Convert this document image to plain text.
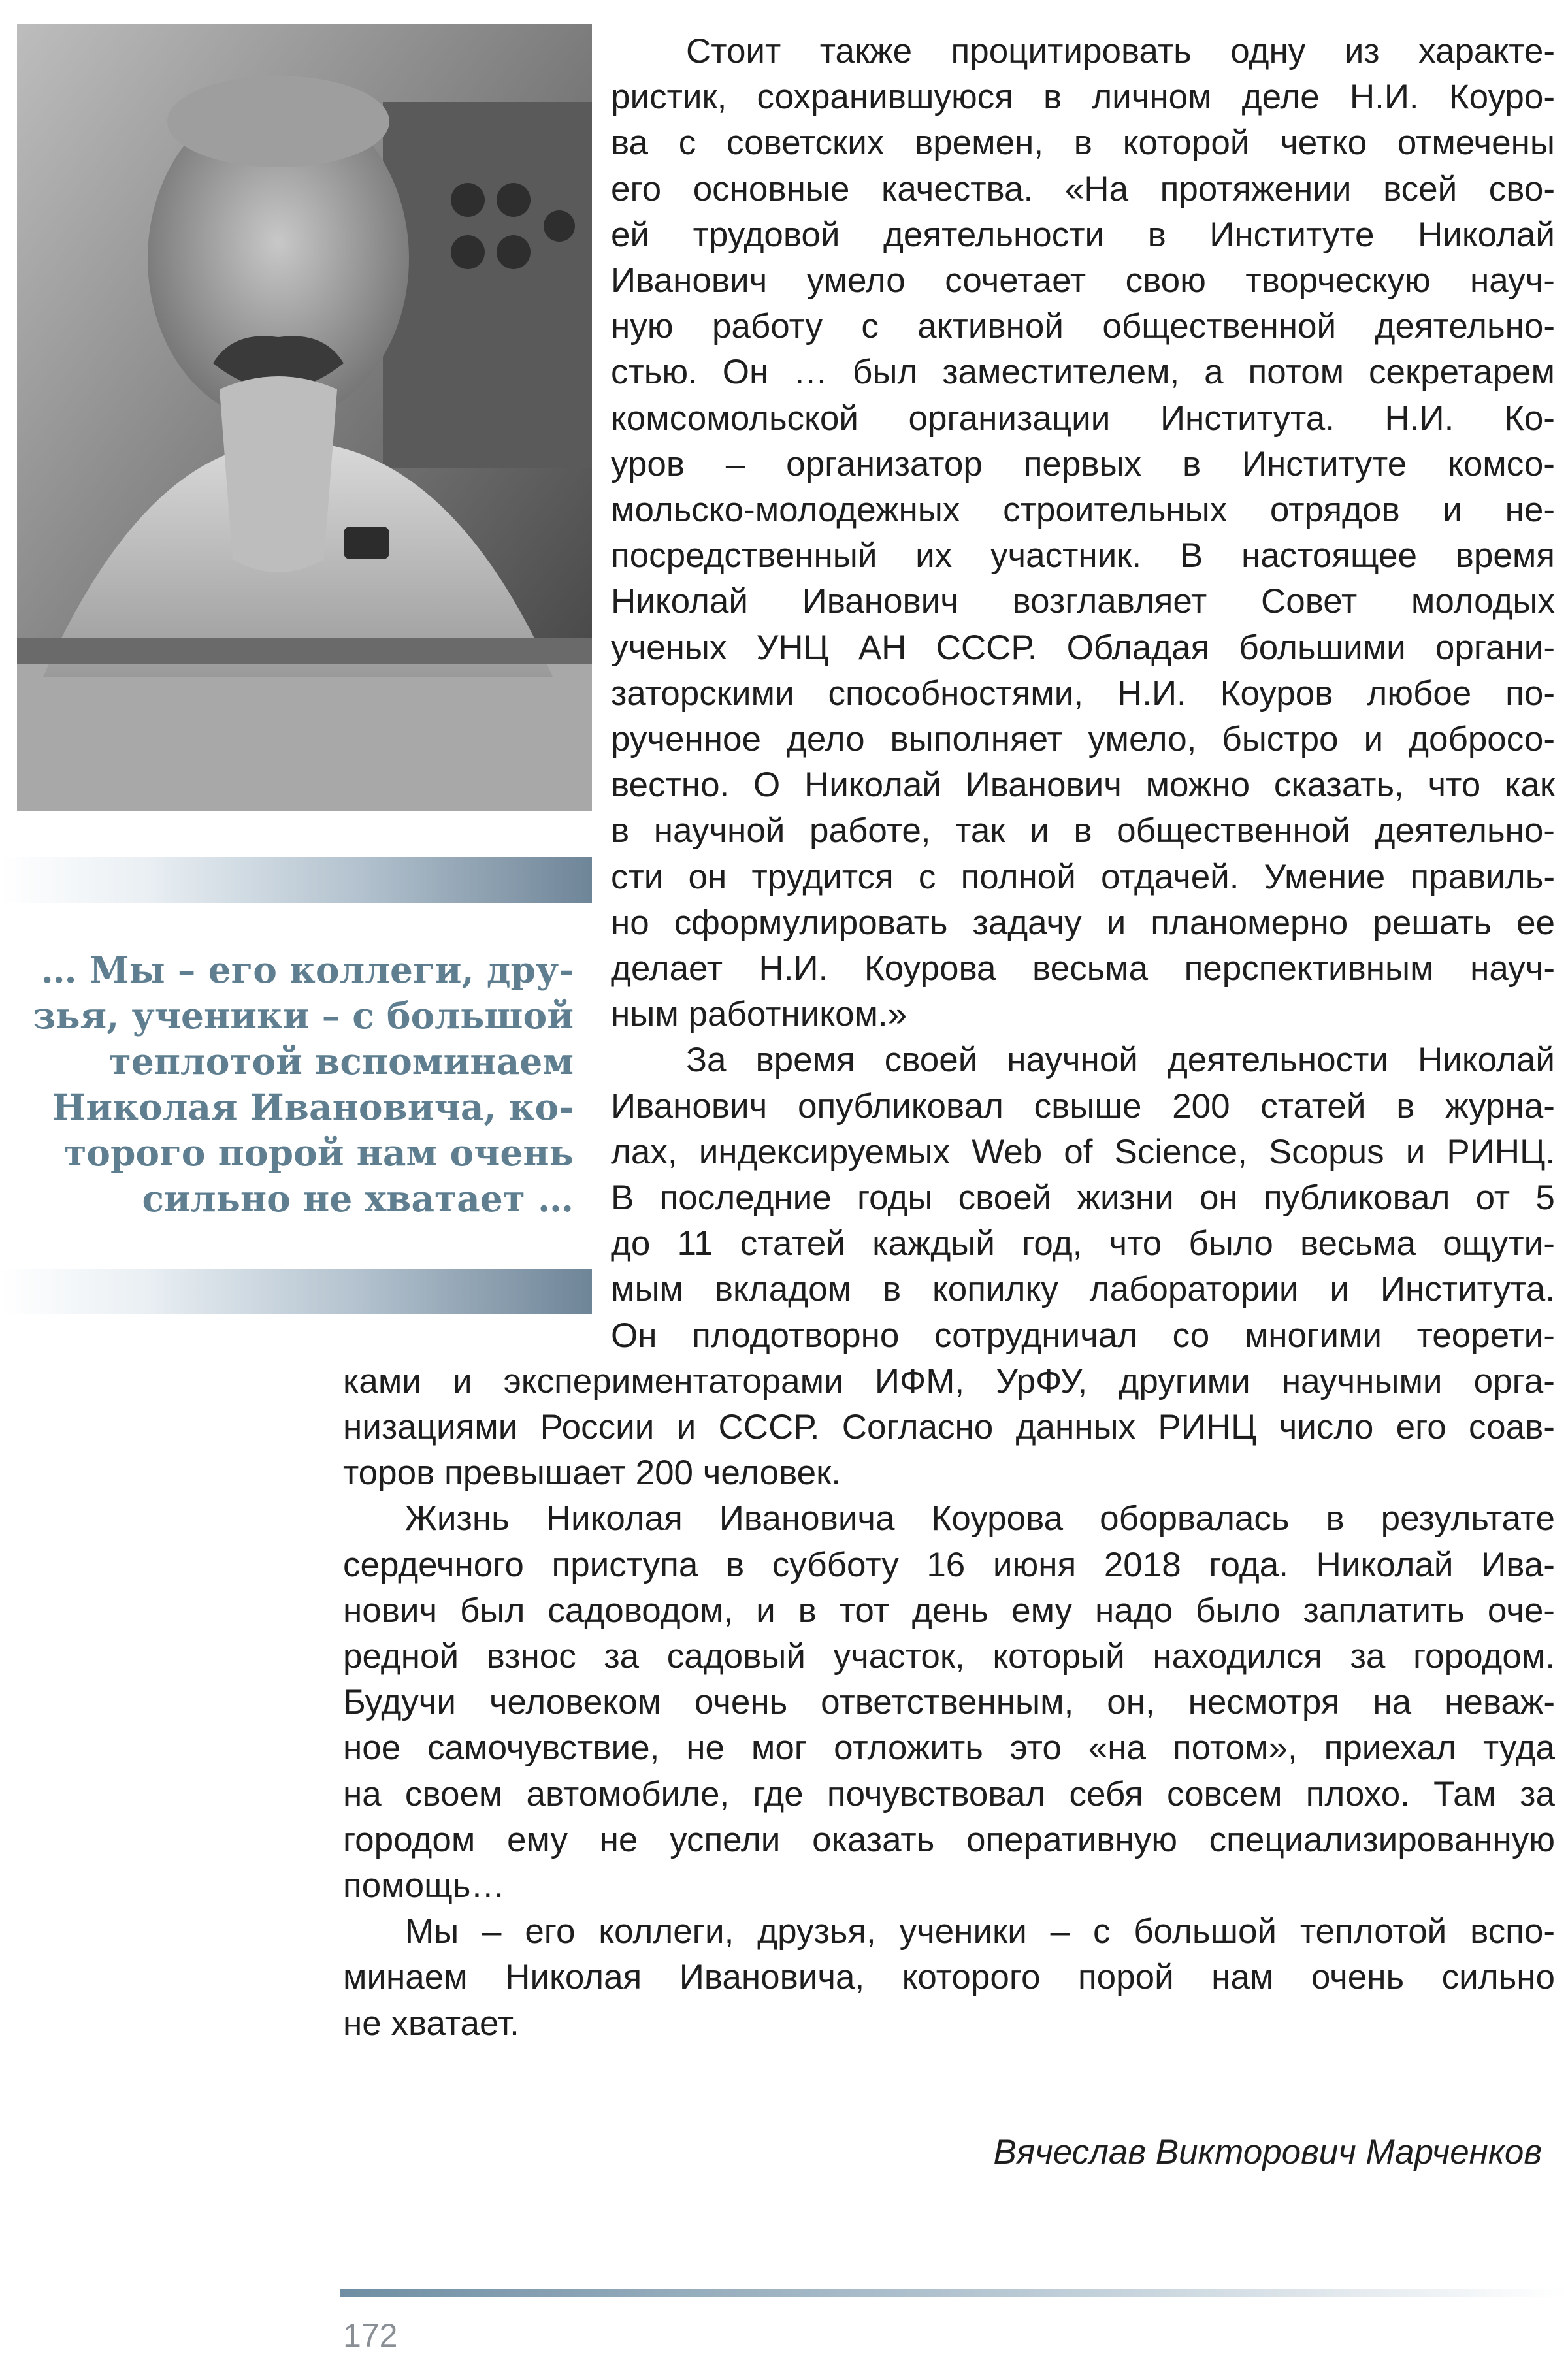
… Мы – его коллеги, дру-
зья, ученики – с большой
теплотой вспоминаем
Николая Ивановича, ко-
торого порой нам очень
сильно не хватает …
Стоит также процитировать одну из характе-
ристик, сохранившуюся в личном деле Н.И. Коуро-
ва с советских времен, в которой четко отмечены
его основные качества. «На протяжении всей сво-
ей трудовой деятельности в Институте Николай
Иванович умело сочетает свою творческую науч-
ную работу с активной общественной деятельно-
стью. Он … был заместителем, а потом секретарем
комсомольской организации Института. Н.И. Ко-
уров – организатор первых в Институте комсо-
мольско-молодежных строительных отрядов и не-
посредственный их участник. В настоящее время
Николай Иванович возглавляет Совет молодых
ученых УНЦ АН СССР. Обладая большими органи-
заторскими способностями, Н.И. Коуров любое по-
рученное дело выполняет умело, быстро и добросо-
вестно. О Николай Иванович можно сказать, что как
в научной работе, так и в общественной деятельно-
сти он трудится с полной отдачей. Умение правиль-
но сформулировать задачу и планомерно решать ее
делает Н.И. Коурова весьма перспективным науч-
ным работником.»
За время своей научной деятельности Николай
Иванович опубликовал свыше 200 статей в журна-
лах, индексируемых Web of Science, Scopus и РИНЦ.
В последние годы своей жизни он публиковал от 5
до 11 статей каждый год, что было весьма ощути-
мым вкладом в копилку лаборатории и Института.
Он плодотворно сотрудничал со многими теорети-
ками и экспериментаторами ИФМ, УрФУ, другими научными орга-
низациями России и СССР. Согласно данных РИНЦ число его соав-
торов превышает 200 человек.
Жизнь Николая Ивановича Коурова оборвалась в результате
сердечного приступа в субботу 16 июня 2018 года. Николай Ива-
нович был садоводом, и в тот день ему надо было заплатить оче-
редной взнос за садовый участок, который находился за городом.
Будучи человеком очень ответственным, он, несмотря на неваж-
ное самочувствие, не мог отложить это «на потом», приехал туда
на своем автомобиле, где почувствовал себя совсем плохо. Там за
городом ему не успели оказать оперативную специализированную
помощь…
Мы – его коллеги, друзья, ученики – с большой теплотой вспо-
минаем Николая Ивановича, которого порой нам очень сильно
не хватает.
Вячеслав Викторович Марченков
172
